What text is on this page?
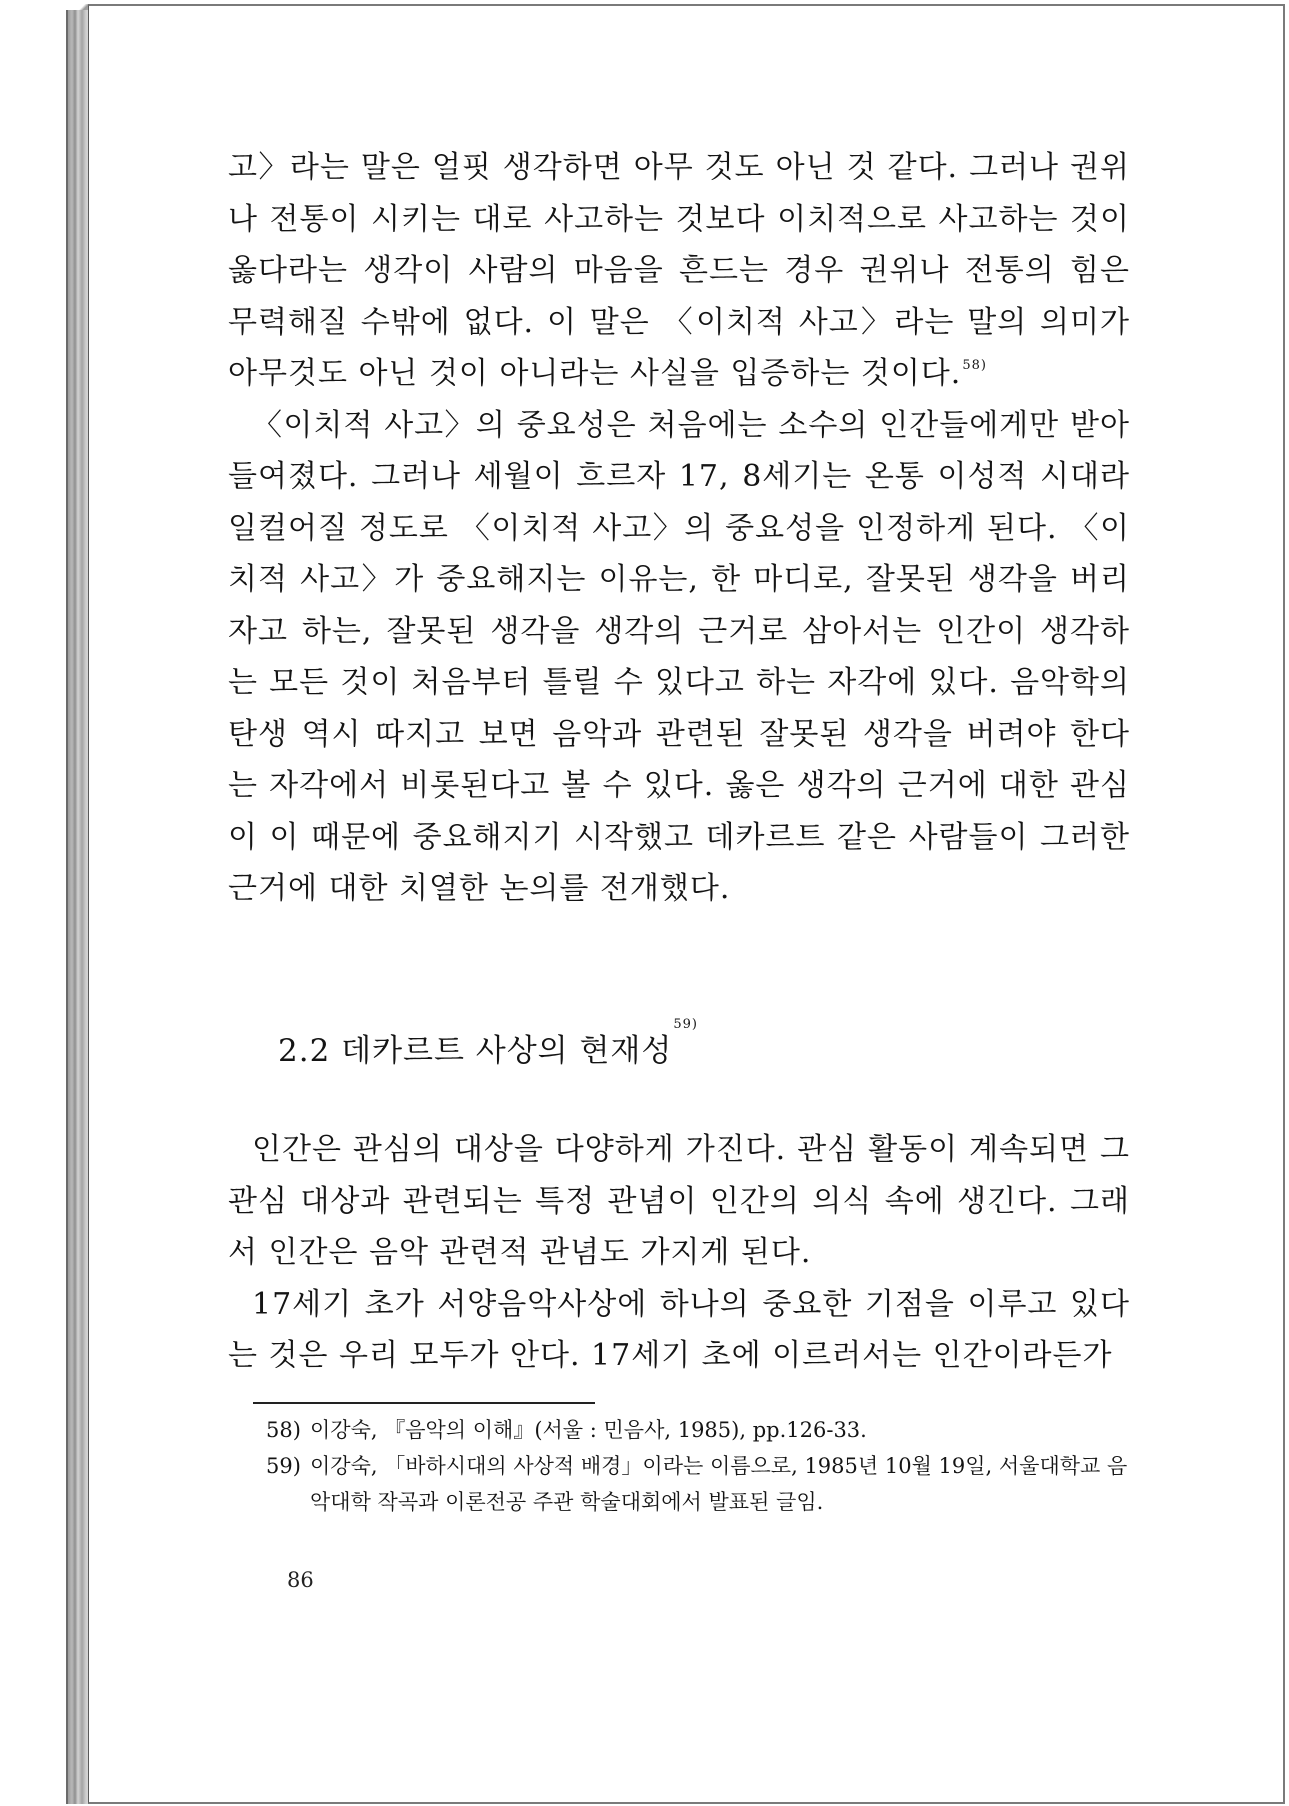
고〉라는 말은 얼핏 생각하면 아무 것도 아닌 것 같다. 그러나 권위나 전통이 시키는 대로 사고하는 것보다 이치적으로 사고하는 것이 옳다라는 생각이 사람의 마음을 흔드는 경우 권위나 전통의 힘은 무력해질 수밖에 없다. 이 말은 〈이치적 사고〉라는 말의 의미가 아무것도 아닌 것이 아니라는 사실을 입증하는 것이다.$^{58)}$

〈이치적 사고〉의 중요성은 처음에는 소수의 인간들에게만 받아들여졌다. 그러나 세월이 흐르자 17, 8세기는 온통 이성적 시대라 일컬어질 정도로 〈이치적 사고〉의 중요성을 인정하게 된다. 〈이치적 사고〉가 중요해지는 이유는, 한 마디로, 잘못된 생각을 버리자고 하는, 잘못된 생각을 생각의 근거로 삼아서는 인간이 생각하는 모든 것이 처음부터 틀릴 수 있다고 하는 자각에 있다. 음악학의 탄생 역시 따지고 보면 음악과 관련된 잘못된 생각을 버려야 한다는 자각에서 비롯된다고 볼 수 있다. 옳은 생각의 근거에 대한 관심이 이 때문에 중요해지기 시작했고 데카르트 같은 사람들이 그러한 근거에 대한 치열한 논의를 전개했다.

2.2 데카르트 사상의 현재성$^{59)}$

인간은 관심의 대상을 다양하게 가진다. 관심 활동이 계속되면 그 관심 대상과 관련되는 특정 관념이 인간의 의식 속에 생긴다. 그래서 인간은 음악 관련적 관념도 가지게 된다.

17세기 초가 서양음악사상에 하나의 중요한 기점을 이루고 있다는 것은 우리 모두가 안다. 17세기 초에 이르러서는 인간이라든가

58) 이강숙, 『음악의 이해』(서울 : 민음사, 1985), pp.126-33.
59) 이강숙, 「바하시대의 사상적 배경」이라는 이름으로, 1985년 10월 19일, 서울대학교 음악대학 작곡과 이론전공 주관 학술대회에서 발표된 글임.
86
